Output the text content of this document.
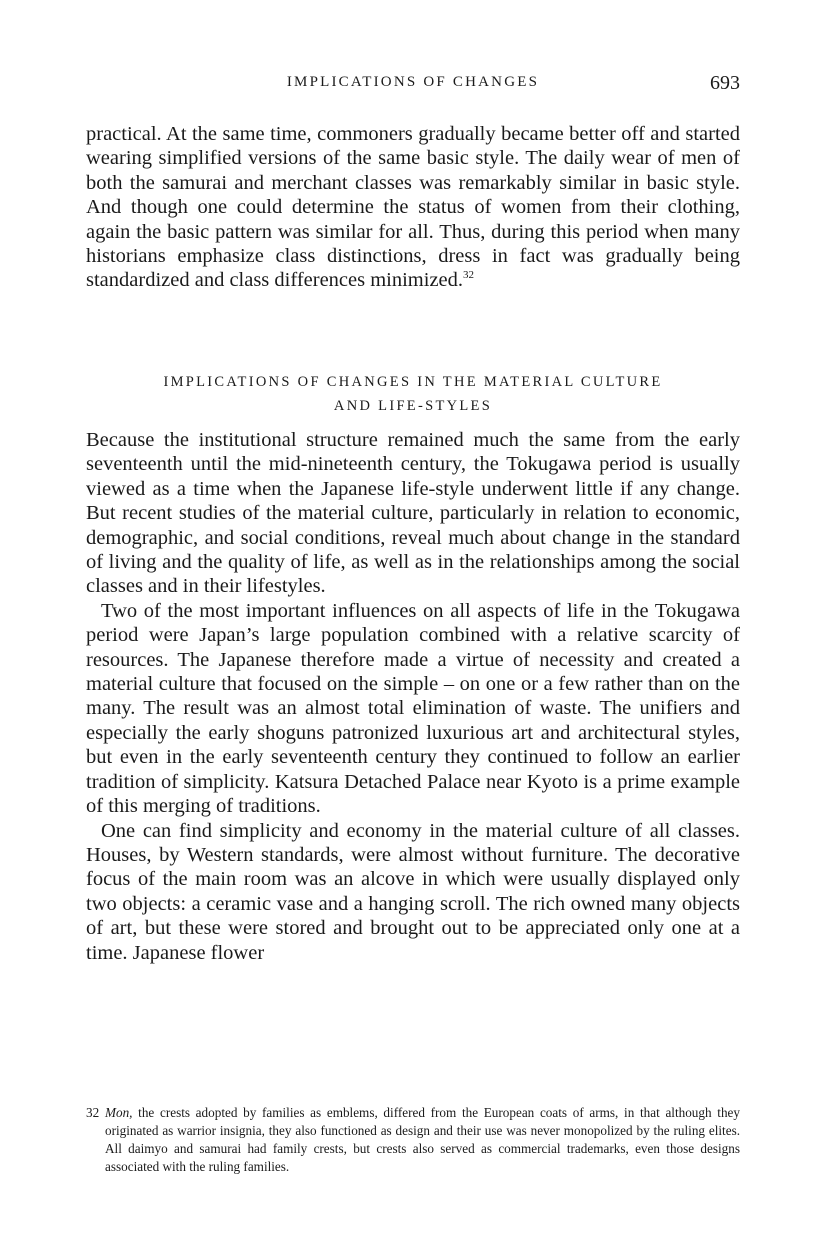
IMPLICATIONS OF CHANGES	693

practical. At the same time, commoners gradually became better off and started wearing simplified versions of the same basic style. The daily wear of men of both the samurai and merchant classes was remarkably similar in basic style. And though one could determine the status of women from their clothing, again the basic pattern was similar for all. Thus, during this period when many historians emphasize class distinctions, dress in fact was gradually being standardized and class differences minimized.$^{32}$

IMPLICATIONS OF CHANGES IN THE MATERIAL CULTURE
AND LIFE-STYLES

Because the institutional structure remained much the same from the early seventeenth until the mid-nineteenth century, the Tokugawa period is usually viewed as a time when the Japanese life-style underwent little if any change. But recent studies of the material culture, particularly in relation to economic, demographic, and social conditions, reveal much about change in the standard of living and the quality of life, as well as in the relationships among the social classes and in their lifestyles.

Two of the most important influences on all aspects of life in the Tokugawa period were Japan’s large population combined with a relative scarcity of resources. The Japanese therefore made a virtue of necessity and created a material culture that focused on the simple – on one or a few rather than on the many. The result was an almost total elimination of waste. The unifiers and especially the early shoguns patronized luxurious art and architectural styles, but even in the early seventeenth century they continued to follow an earlier tradition of simplicity. Katsura Detached Palace near Kyoto is a prime example of this merging of traditions.

One can find simplicity and economy in the material culture of all classes. Houses, by Western standards, were almost without furniture. The decorative focus of the main room was an alcove in which were usually displayed only two objects: a ceramic vase and a hanging scroll. The rich owned many objects of art, but these were stored and brought out to be appreciated only one at a time. Japanese flower

32 Mon, the crests adopted by families as emblems, differed from the European coats of arms, in that although they originated as warrior insignia, they also functioned as design and their use was never monopolized by the ruling elites. All daimyo and samurai had family crests, but crests also served as commercial trademarks, even those designs associated with the ruling families.
